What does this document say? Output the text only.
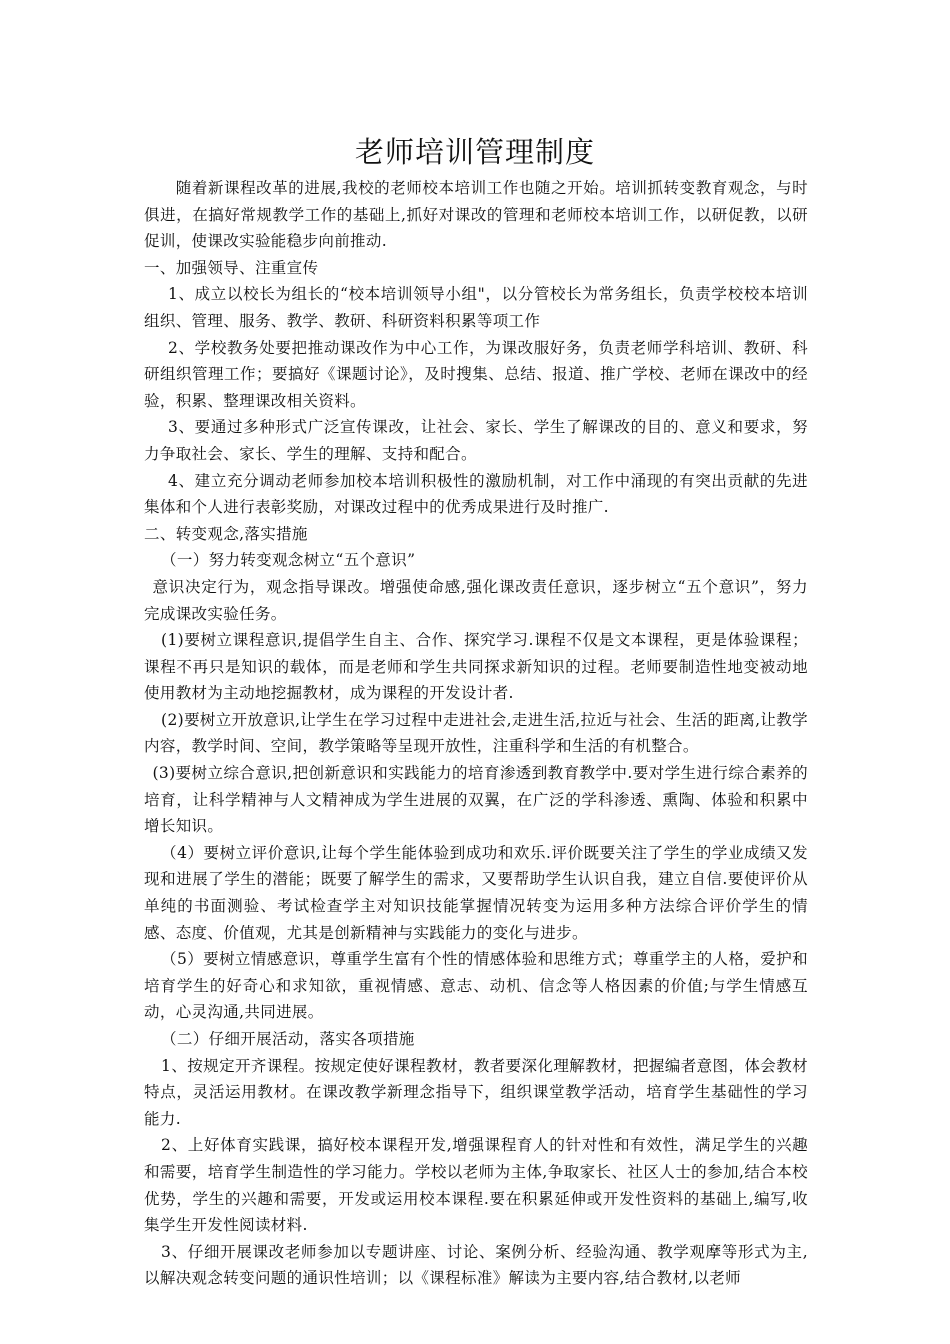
老师培训管理制度

随着新课程改革的进展,我校的老师校本培训工作也随之开始。培训抓转变教育观念，与时俱进，在搞好常规教学工作的基础上,抓好对课改的管理和老师校本培训工作，以研促教，以研促训，使课改实验能稳步向前推动.

一、加强领导、注重宣传

1、成立以校长为组长的“校本培训领导小组"，以分管校长为常务组长，负责学校校本培训组织、管理、服务、教学、教研、科研资料积累等项工作

2、学校教务处要把推动课改作为中心工作，为课改服好务，负责老师学科培训、教研、科研组织管理工作；要搞好《课题讨论》，及时搜集、总结、报道、推广学校、老师在课改中的经验，积累、整理课改相关资料。

3、要通过多种形式广泛宣传课改，让社会、家长、学生了解课改的目的、意义和要求，努力争取社会、家长、学生的理解、支持和配合。

4、建立充分调动老师参加校本培训积极性的激励机制，对工作中涌现的有突出贡献的先进集体和个人进行表彰奖励，对课改过程中的优秀成果进行及时推广.

二、转变观念,落实措施

（一）努力转变观念树立“五个意识”

意识决定行为，观念指导课改。增强使命感,强化课改责任意识，逐步树立“五个意识”，努力完成课改实验任务。

(1)要树立课程意识,提倡学生自主、合作、探究学习.课程不仅是文本课程，更是体验课程；课程不再只是知识的载体，而是老师和学生共同探求新知识的过程。老师要制造性地变被动地使用教材为主动地挖掘教材，成为课程的开发设计者.

(2)要树立开放意识,让学生在学习过程中走进社会,走进生活,拉近与社会、生活的距离,让教学内容，教学时间、空间，教学策略等呈现开放性，注重科学和生活的有机整合。

(3)要树立综合意识,把创新意识和实践能力的培育渗透到教育教学中.要对学生进行综合素养的培育，让科学精神与人文精神成为学生进展的双翼，在广泛的学科渗透、熏陶、体验和积累中增长知识。

（4）要树立评价意识,让每个学生能体验到成功和欢乐.评价既要关注了学生的学业成绩又发现和进展了学生的潜能；既要了解学生的需求，又要帮助学生认识自我，建立自信.要使评价从单纯的书面测验、考试检查学主对知识技能掌握情况转变为运用多种方法综合评价学生的情感、态度、价值观，尤其是创新精神与实践能力的变化与进步。

（5）要树立情感意识，尊重学生富有个性的情感体验和思维方式；尊重学主的人格，爱护和培育学生的好奇心和求知欲，重视情感、意志、动机、信念等人格因素的价值;与学生情感互动，心灵沟通,共同进展。

（二）仔细开展活动，落实各项措施

1、按规定开齐课程。按规定使好课程教材，教者要深化理解教材，把握编者意图，体会教材特点，灵活运用教材。在课改教学新理念指导下，组织课堂教学活动，培育学生基础性的学习能力.

2、上好体育实践课，搞好校本课程开发,增强课程育人的针对性和有效性，满足学生的兴趣和需要，培育学生制造性的学习能力。学校以老师为主体,争取家长、社区人士的参加,结合本校优势，学生的兴趣和需要，开发或运用校本课程.要在积累延伸或开发性资料的基础上,编写,收集学生开发性阅读材料.

3、仔细开展课改老师参加以专题讲座、讨论、案例分析、经验沟通、教学观摩等形式为主,以解决观念转变问题的通识性培训；以《课程标准》解读为主要内容,结合教材,以老师
